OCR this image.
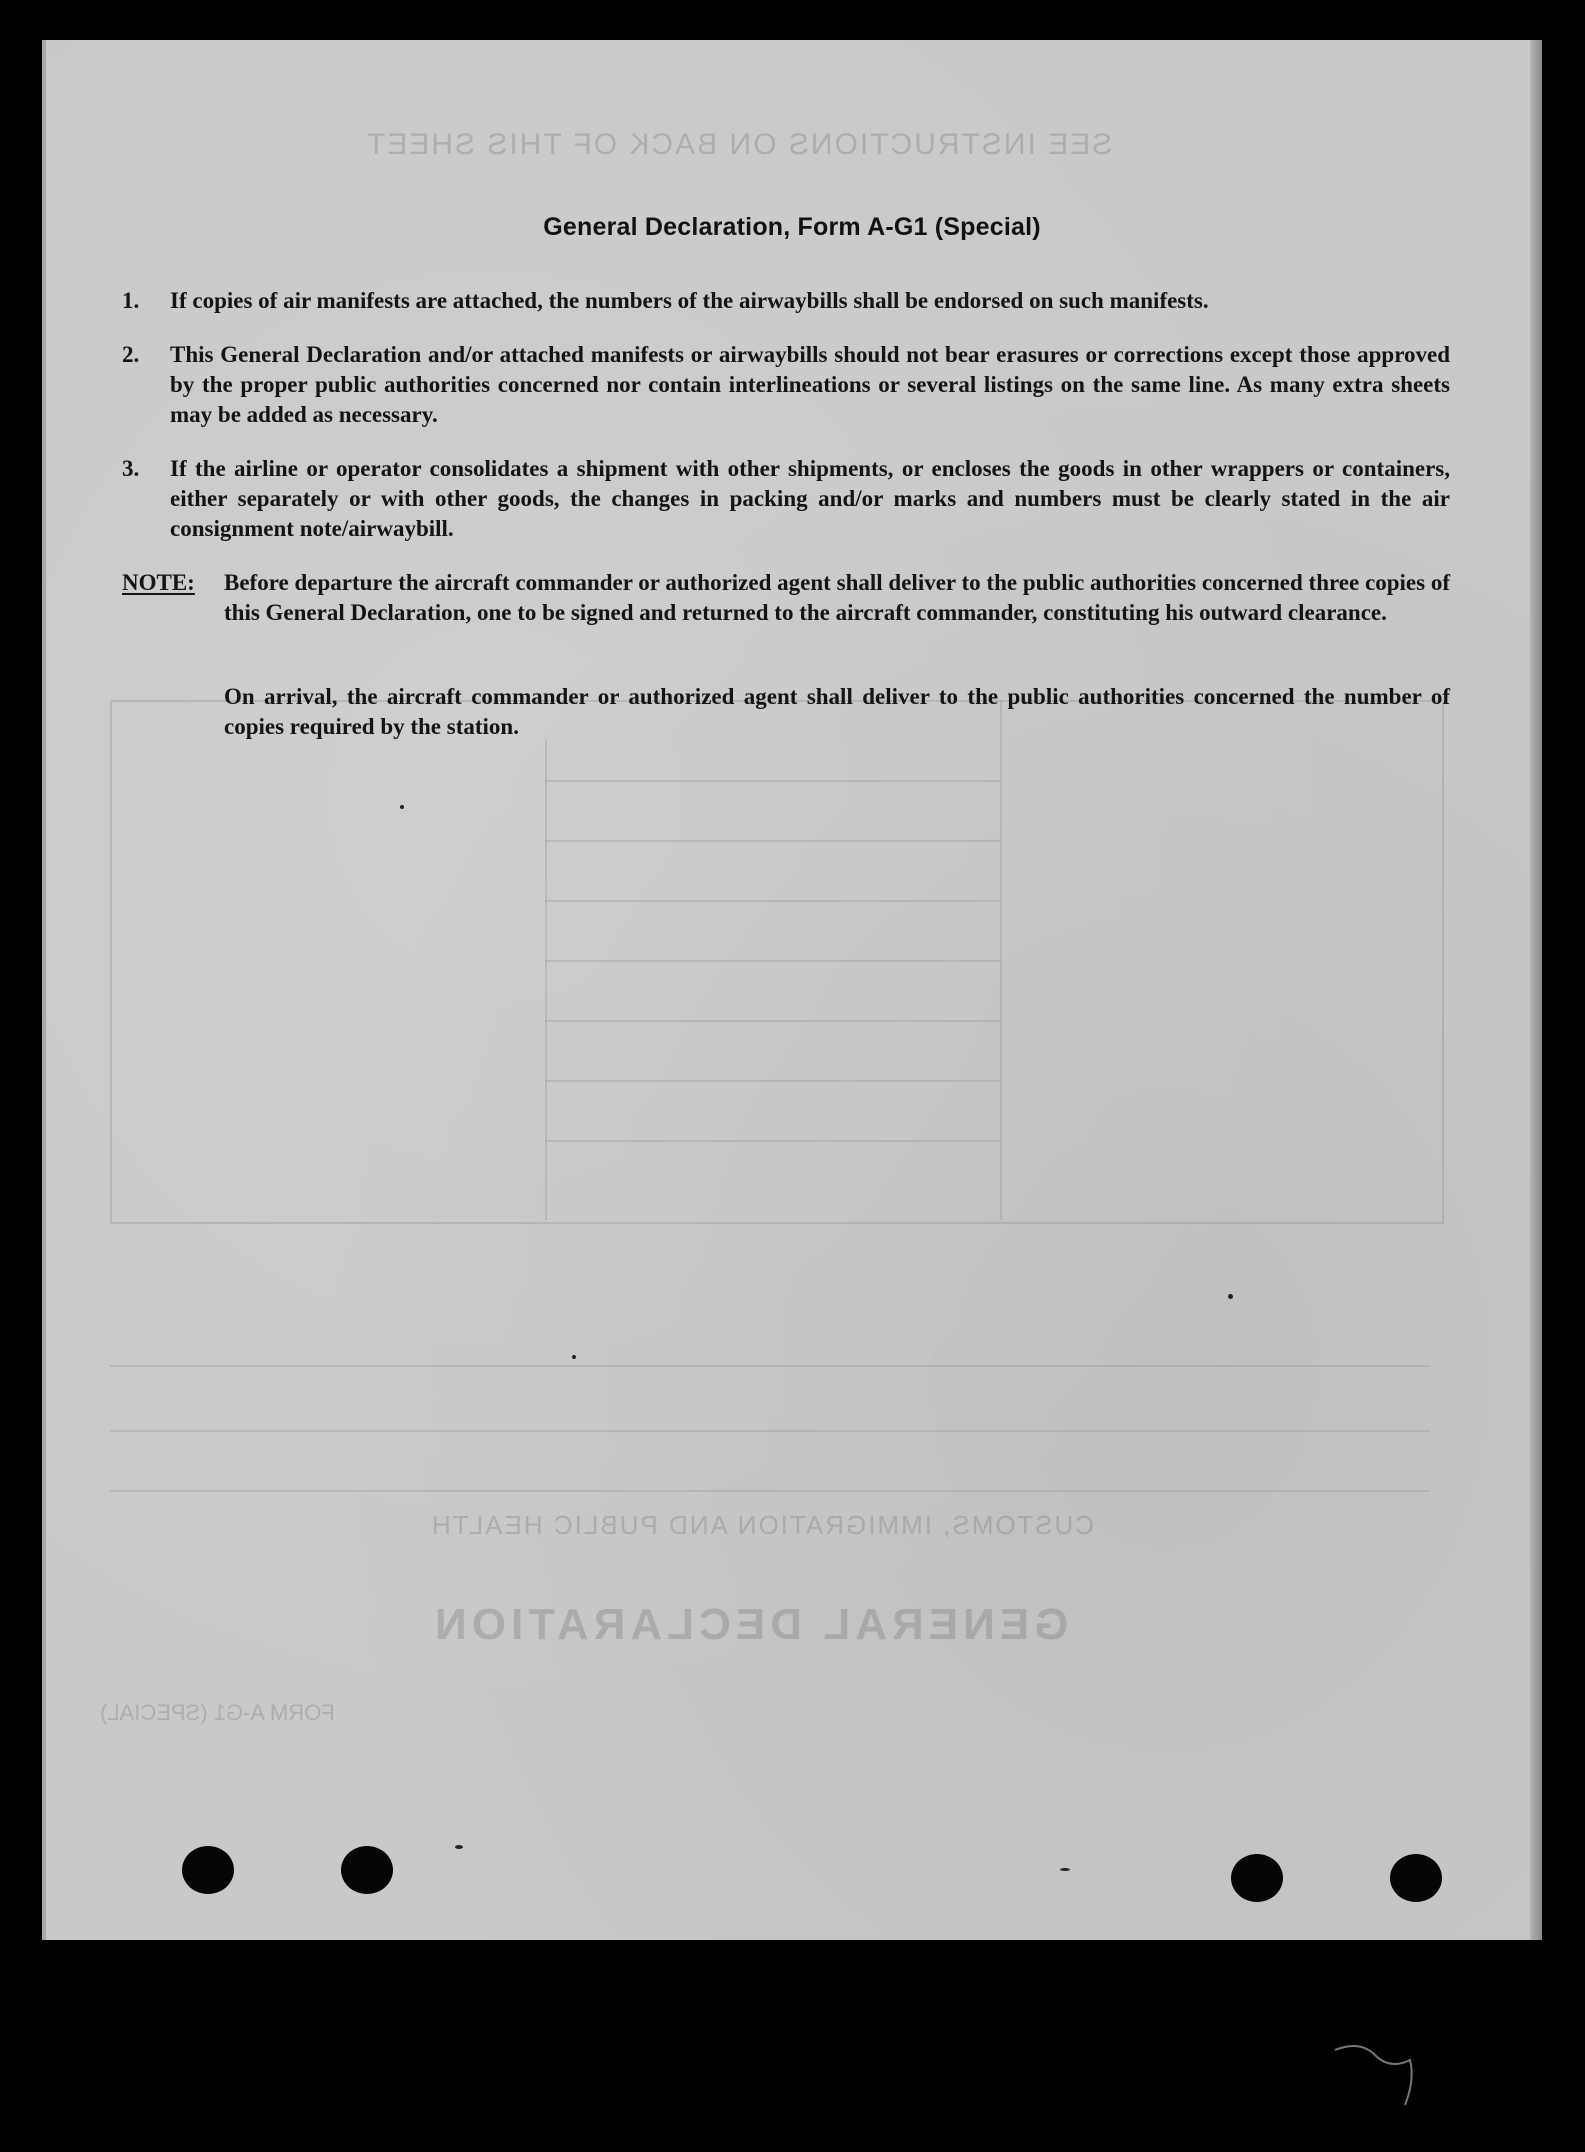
SEE INSTRUCTIONS ON BACK OF THIS SHEET
GENERAL DECLARATION
CUSTOMS, IMMIGRATION AND PUBLIC HEALTH
FORM A-G1 (SPECIAL)
General Declaration, Form A-G1 (Special)
1.	If copies of air manifests are attached, the numbers of the airwaybills shall be endorsed on such manifests.
2.	This General Declaration and/or attached manifests or airwaybills should not bear erasures or corrections except those approved by the proper public authorities concerned nor contain interlineations or several listings on the same line. As many extra sheets may be added as necessary.
3.	If the airline or operator consolidates a shipment with other shipments, or encloses the goods in other wrappers or containers, either separately or with other goods, the changes in packing and/or marks and numbers must be clearly stated in the air consignment note/airwaybill.
NOTE: Before departure the aircraft commander or authorized agent shall deliver to the public authorities concerned three copies of this General Declaration, one to be signed and returned to the aircraft commander, constituting his outward clearance.
On arrival, the aircraft commander or authorized agent shall deliver to the public authorities concerned the number of copies required by the station.
